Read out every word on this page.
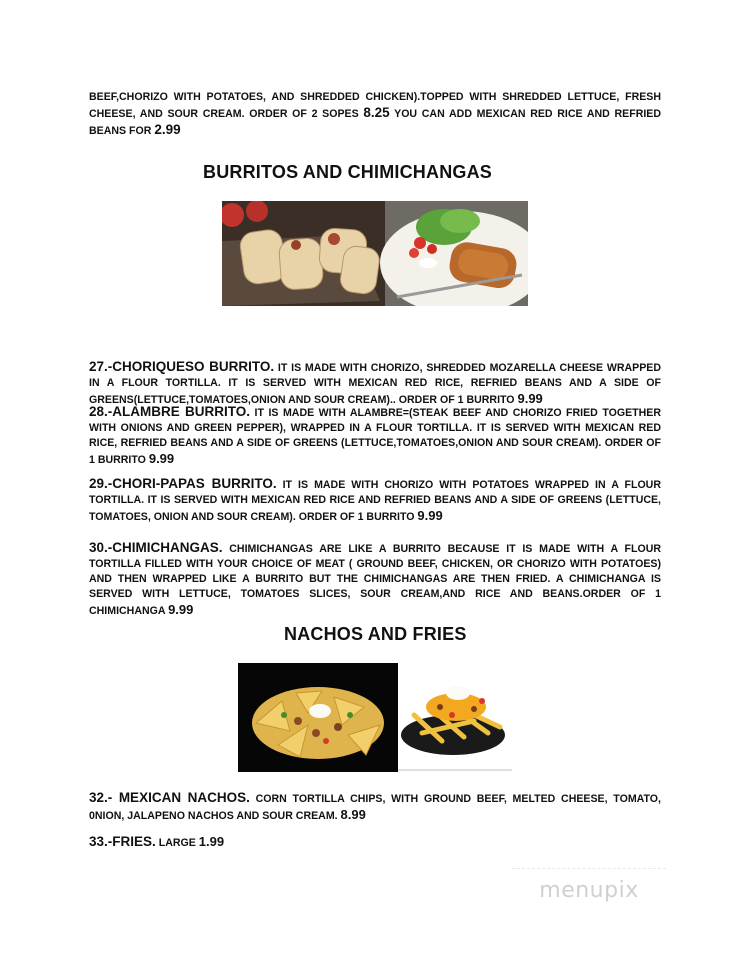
BEEF,CHORIZO WITH POTATOES, AND SHREDDED CHICKEN).TOPPED WITH SHREDDED LETTUCE, FRESH CHEESE, AND SOUR CREAM. ORDER OF 2 SOPES 8.25 YOU CAN ADD MEXICAN RED RICE AND REFRIED BEANS FOR 2.99

BURRITOS AND CHIMICHANGAS

27.-CHORIQUESO BURRITO. IT IS MADE WITH CHORIZO, SHREDDED MOZARELLA CHEESE WRAPPED IN A FLOUR TORTILLA. IT IS SERVED WITH MEXICAN RED RICE, REFRIED BEANS AND A SIDE OF GREENS(LETTUCE,TOMATOES,ONION AND SOUR CREAM).. ORDER OF 1 BURRITO 9.99

28.-ALAMBRE BURRITO. IT IS MADE WITH ALAMBRE=(STEAK BEEF AND CHORIZO FRIED TOGETHER WITH ONIONS AND GREEN PEPPER), WRAPPED IN A FLOUR TORTILLA. IT IS SERVED WITH MEXICAN RED RICE, REFRIED BEANS AND A SIDE OF GREENS (LETTUCE,TOMATOES,ONION AND SOUR CREAM). ORDER OF 1 BURRITO 9.99

29.-CHORI-PAPAS BURRITO. IT IS MADE WITH CHORIZO WITH POTATOES WRAPPED IN A FLOUR TORTILLA. IT IS SERVED WITH MEXICAN RED RICE AND REFRIED BEANS AND A SIDE OF GREENS (LETTUCE, TOMATOES, ONION AND SOUR CREAM). ORDER OF 1 BURRITO 9.99

30.-CHIMICHANGAS. CHIMICHANGAS ARE LIKE A BURRITO BECAUSE IT IS MADE WITH A FLOUR TORTILLA FILLED WITH YOUR CHOICE OF MEAT ( GROUND BEEF, CHICKEN, OR CHORIZO WITH POTATOES) AND THEN WRAPPED LIKE A BURRITO BUT THE CHIMICHANGAS ARE THEN FRIED. A CHIMICHANGA IS SERVED WITH LETTUCE, TOMATOES SLICES, SOUR CREAM,AND RICE AND BEANS.ORDER OF 1 CHIMICHANGA 9.99

NACHOS AND FRIES

32.- MEXICAN NACHOS. CORN TORTILLA CHIPS, WITH GROUND BEEF, MELTED CHEESE, TOMATO, 0NION, JALAPENO NACHOS AND SOUR CREAM. 8.99

33.-FRIES. LARGE 1.99

menupix
